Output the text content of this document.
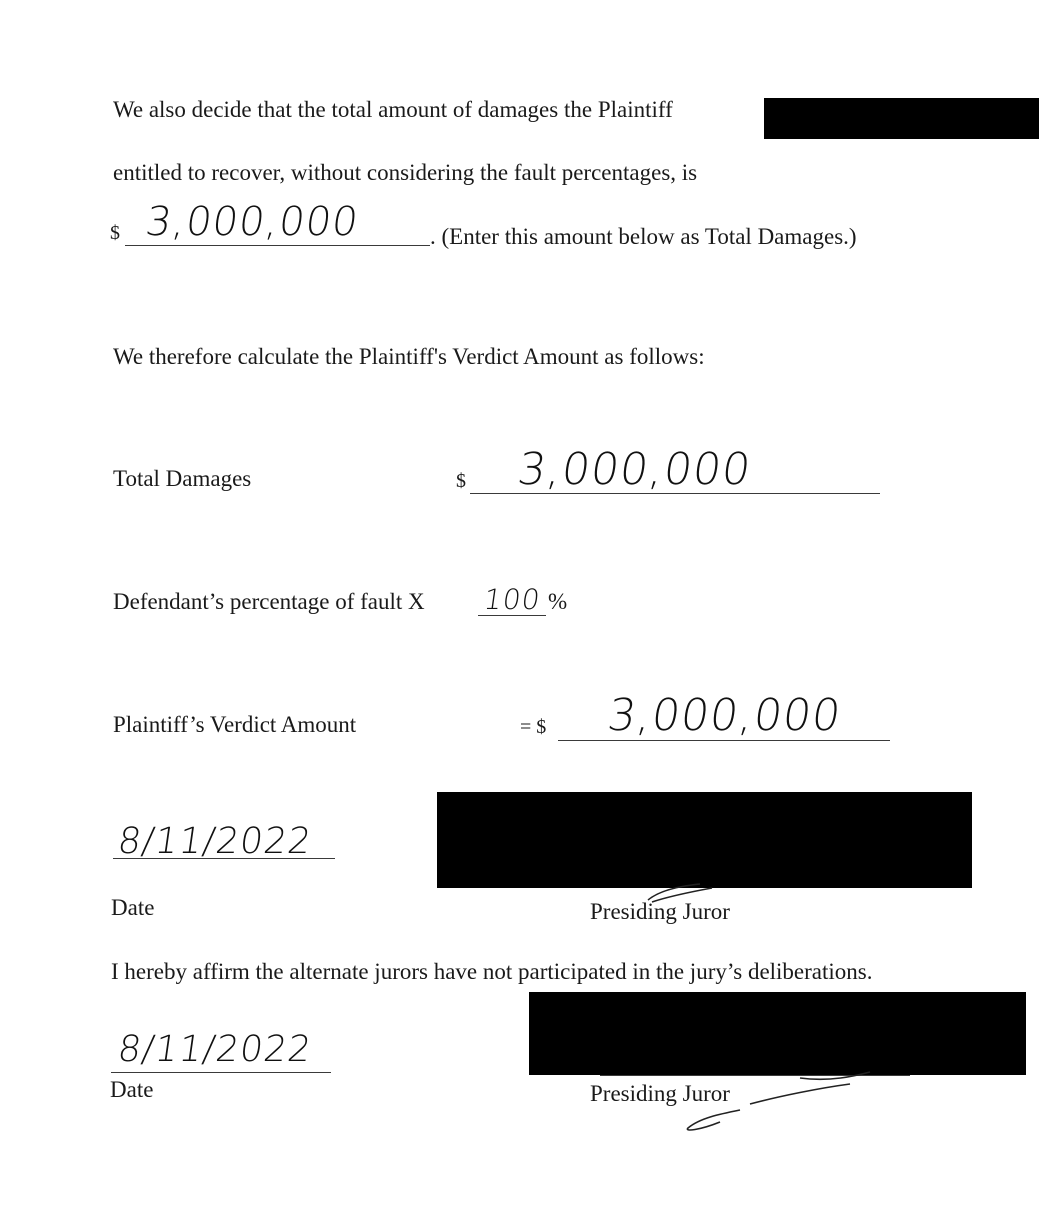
We also decide that the total amount of damages the Plaintiff
entitled to recover, without considering the fault percentages, is
$ 3,000,000	. (Enter this amount below as Total Damages.)
We therefore calculate the Plaintiff's Verdict Amount as follows:
Total Damages	$ 3,000,000
Defendant’s percentage of fault X 100 %
Plaintiff’s Verdict Amount	= $ 3,000,000
8/11/2022
Date	Presiding Juror
I hereby affirm the alternate jurors have not participated in the jury’s deliberations.
8/11/2022
Date	Presiding Juror
